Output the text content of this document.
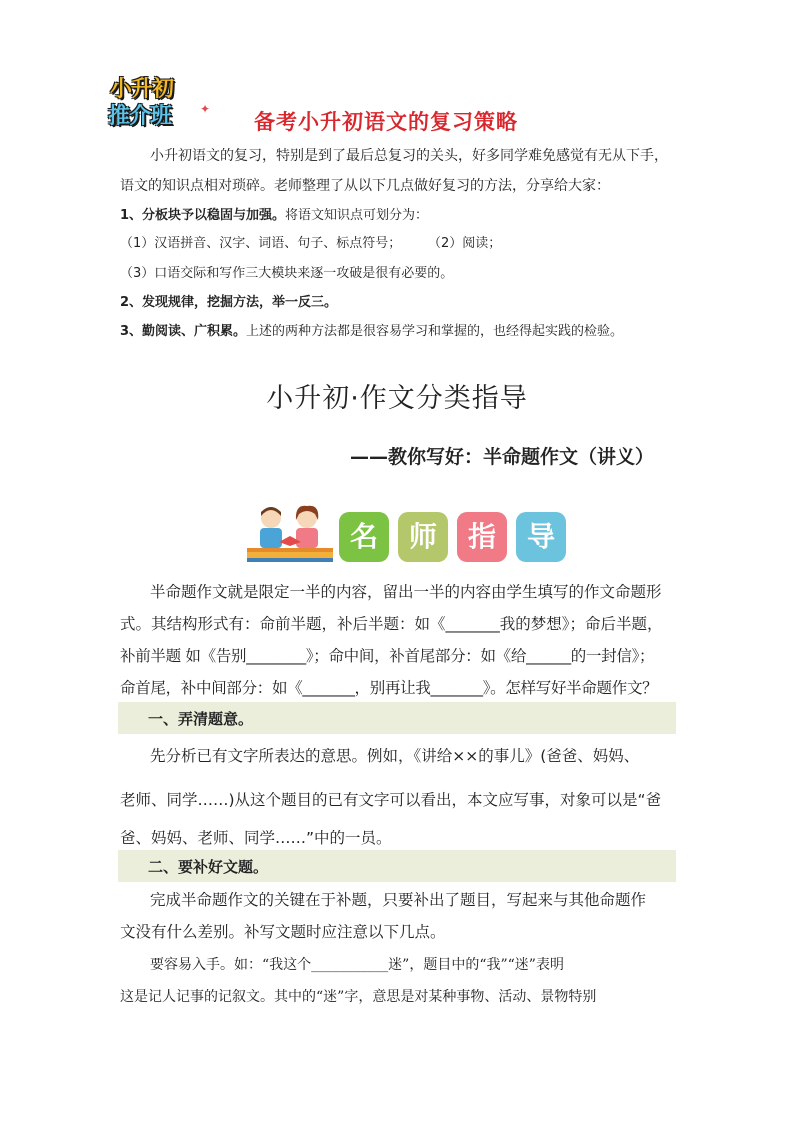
小升初
推介班 ✦
备考小升初语文的复习策略
小升初语文的复习，特别是到了最后总复习的关头，好多同学难免感觉有无从下手，
语文的知识点相对琐碎。老师整理了从以下几点做好复习的方法，分享给大家：
1、分板块予以稳固与加强。将语文知识点可划分为：
（1）汉语拼音、汉字、词语、句子、标点符号； （2）阅读；
（3）口语交际和写作三大模块来逐一攻破是很有必要的。
2、发现规律，挖掘方法，举一反三。
3、勤阅读、广积累。上述的两种方法都是很容易学习和掌握的，也经得起实践的检验。
小升初·作文分类指导
——教你写好：半命题作文（讲义）
名	师	指	导
半命题作文就是限定一半的内容，留出一半的内容由学生填写的作文命题形
式。其结构形式有：命前半题，补后半题：如《_______我的梦想》；命后半题，
补前半题 如《告别________》；命中间，补首尾部分：如《给______的一封信》；
命首尾，补中间部分：如《_______，别再让我_______》。怎样写好半命题作文？
一、弄清题意。
先分析已有文字所表达的意思。例如，《讲给××的事儿》(爸爸、妈妈、
老师、同学……)从这个题目的已有文字可以看出，本文应写事，对象可以是“爸
爸、妈妈、老师、同学……”中的一员。
二、要补好文题。
完成半命题作文的关键在于补题，只要补出了题目，写起来与其他命题作
文没有什么差别。补写文题时应注意以下几点。
要容易入手。如：“我这个___________迷”，题目中的“我”“迷”表明
这是记人记事的记叙文。其中的“迷”字，意思是对某种事物、活动、景物特别
